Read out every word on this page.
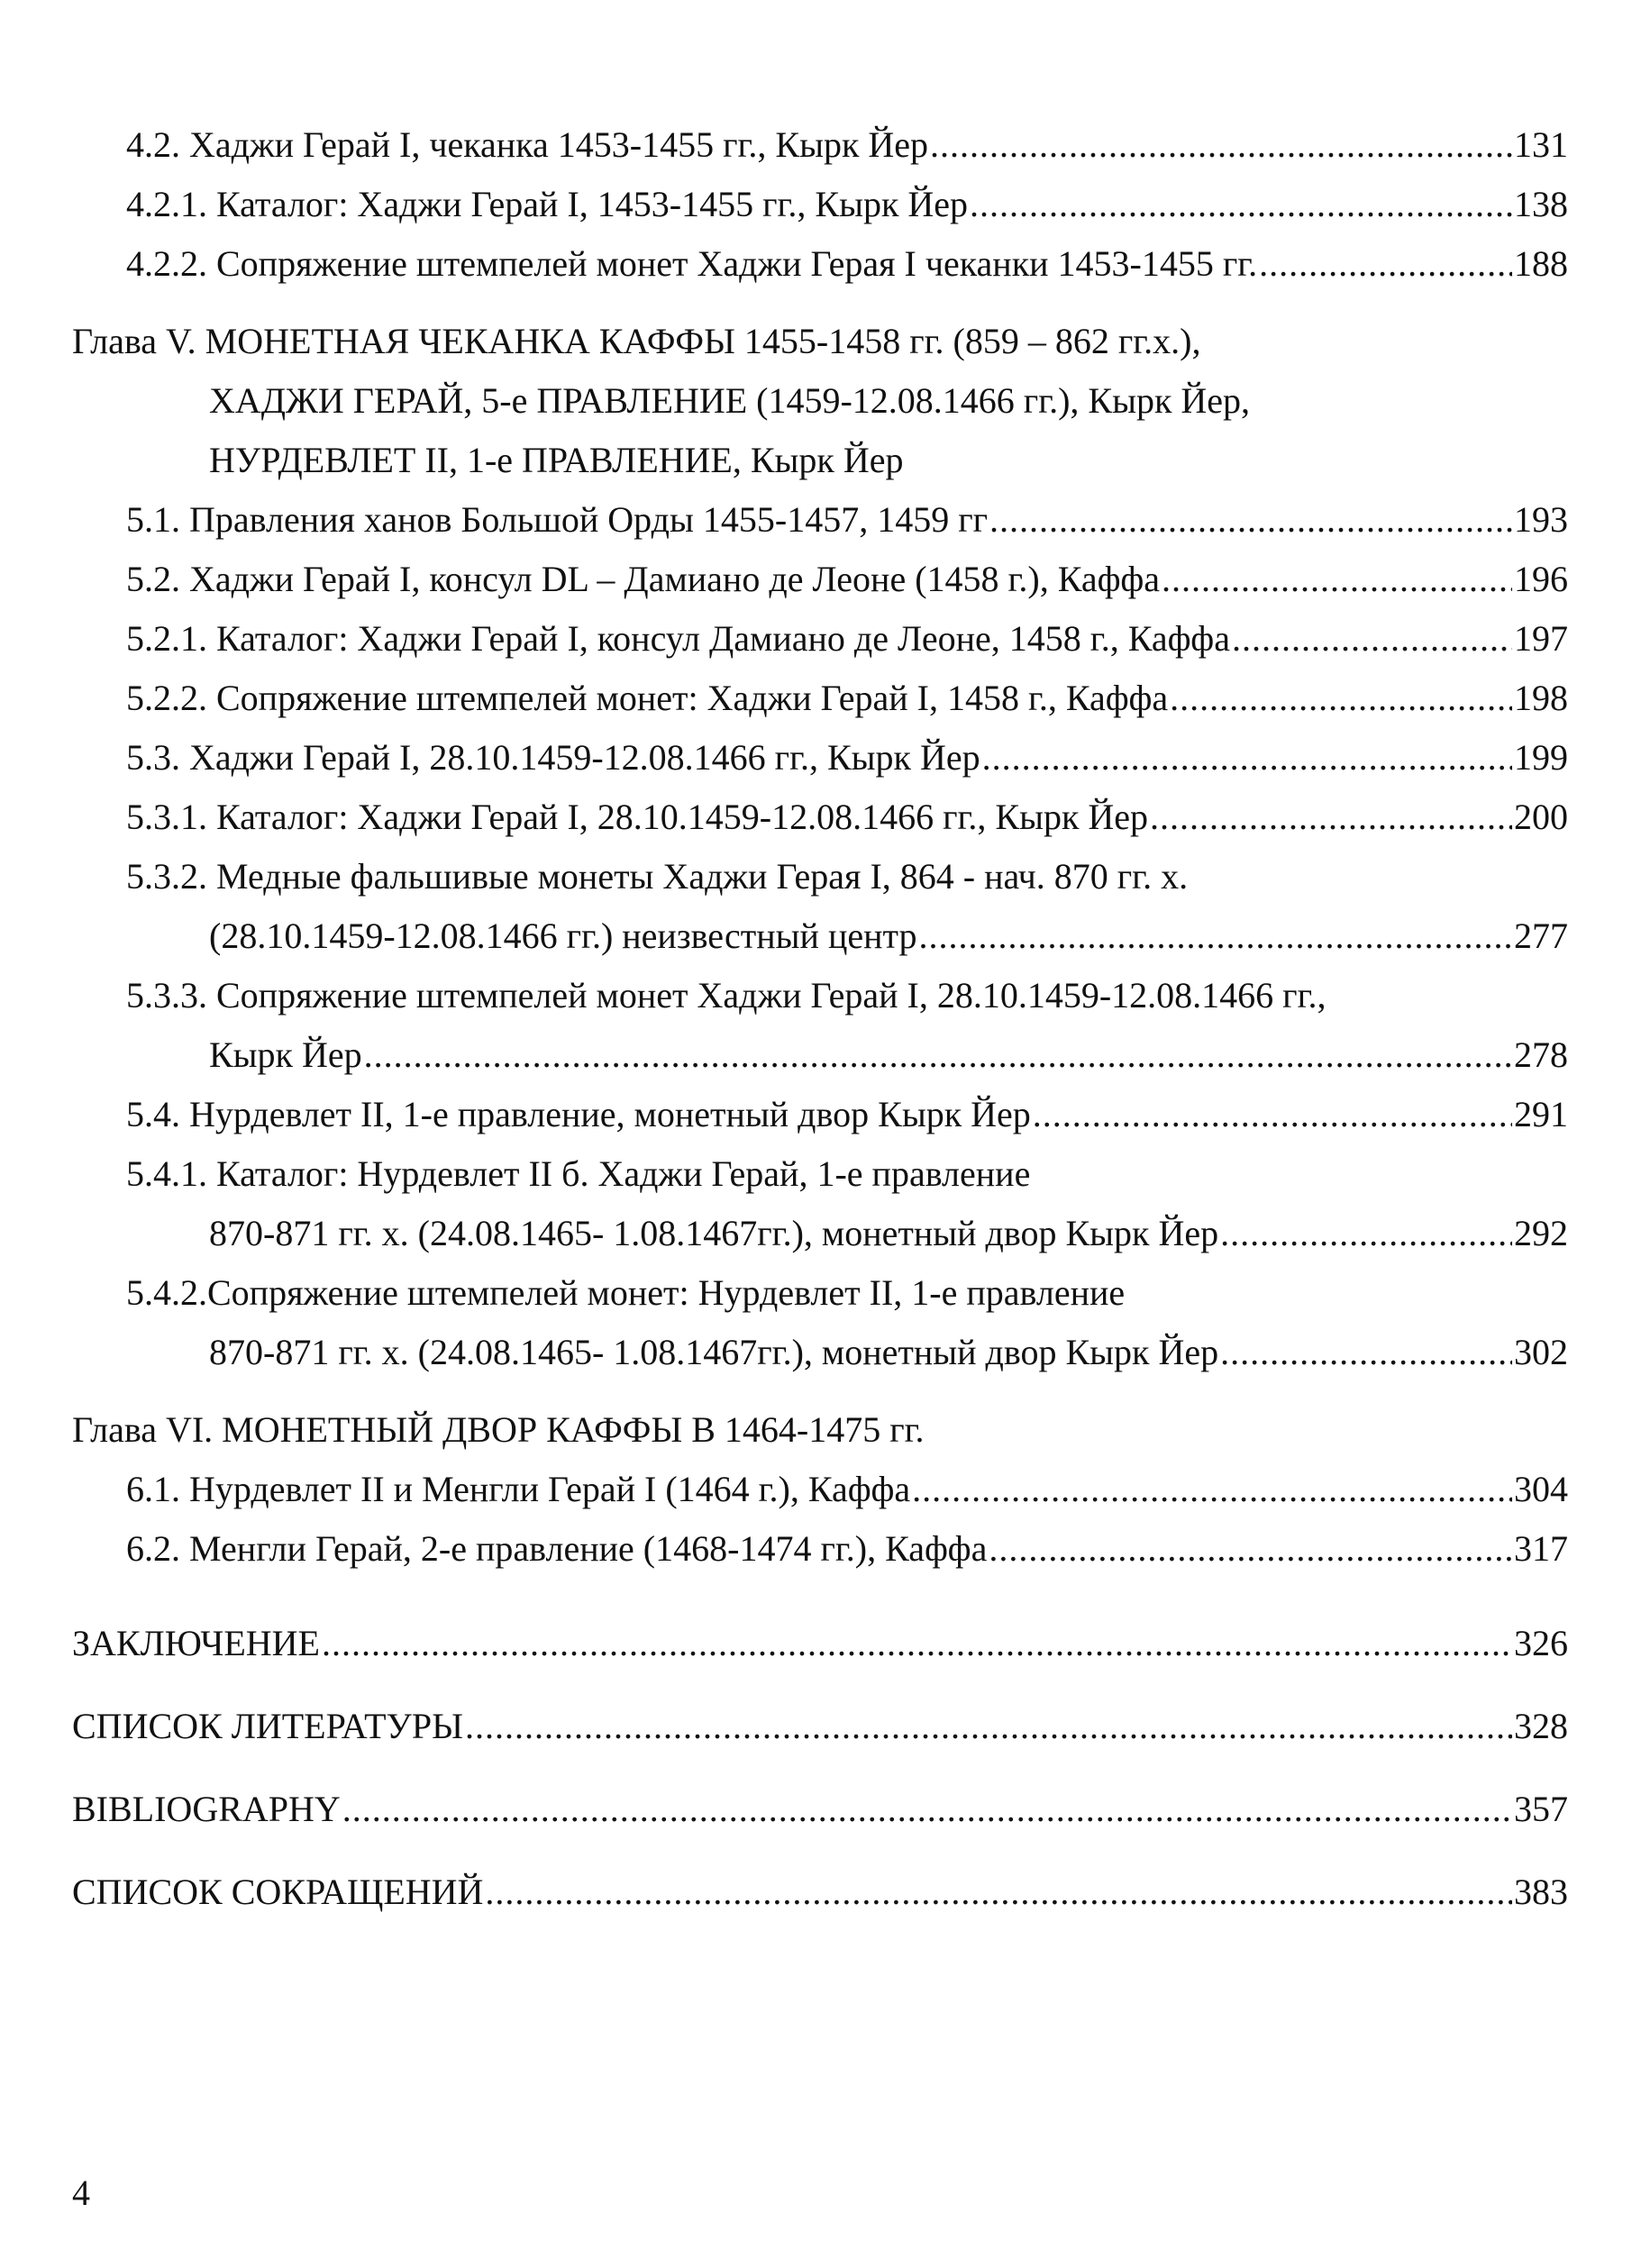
4.2. Хаджи Герай I, чеканка 1453-1455 гг., Кырк Йер .....	131
4.2.1. Каталог: Хаджи Герай I, 1453-1455 гг., Кырк Йер .....	138
4.2.2. Сопряжение штемпелей монет Хаджи Герая I чеканки 1453-1455 гг. .....	188
Глава V. МОНЕТНАЯ ЧЕКАНКА КАФФЫ 1455-1458 гг. (859 – 862 гг.х.),
ХАДЖИ ГЕРАЙ, 5-е ПРАВЛЕНИЕ (1459-12.08.1466 гг.), Кырк Йер,
НУРДЕВЛЕТ II, 1-е ПРАВЛЕНИЕ, Кырк Йер
5.1. Правления ханов Большой Орды 1455-1457, 1459 гг .....	193
5.2. Хаджи Герай I, консул DL – Дамиано де Леоне (1458 г.), Каффа .....	196
5.2.1. Каталог: Хаджи Герай I, консул Дамиано де Леоне, 1458 г., Каффа .....	197
5.2.2. Сопряжение штемпелей монет: Хаджи Герай I, 1458 г., Каффа .....	198
5.3. Хаджи Герай I, 28.10.1459-12.08.1466 гг., Кырк Йер .....	199
5.3.1. Каталог: Хаджи Герай I, 28.10.1459-12.08.1466 гг., Кырк Йер .....	200
5.3.2. Медные фальшивые монеты Хаджи Герая I, 864 - нач. 870 гг. х.
(28.10.1459-12.08.1466 гг.) неизвестный центр .....	277
5.3.3. Сопряжение штемпелей монет Хаджи Герай I, 28.10.1459-12.08.1466 гг.,
Кырк Йер .....	278
5.4. Нурдевлет II, 1-е правление, монетный двор Кырк Йер .....	291
5.4.1. Каталог: Нурдевлет II б. Хаджи Герай, 1-е правление
870-871 гг. х. (24.08.1465- 1.08.1467гг.), монетный двор Кырк Йер .....	292
5.4.2.Сопряжение штемпелей монет: Нурдевлет II, 1-е правление
870-871 гг. х. (24.08.1465- 1.08.1467гг.), монетный двор Кырк Йер .....	302
Глава VI. МОНЕТНЫЙ ДВОР КАФФЫ В 1464-1475 гг.
6.1. Нурдевлет II и Менгли Герай I (1464 г.), Каффа .....	304
6.2. Менгли Герай, 2-е правление (1468-1474 гг.), Каффа .....	317
ЗАКЛЮЧЕНИЕ .....	326
СПИСОК ЛИТЕРАТУРЫ .....	328
BIBLIOGRAPHY .....	357
СПИСОК СОКРАЩЕНИЙ .....	383
4
